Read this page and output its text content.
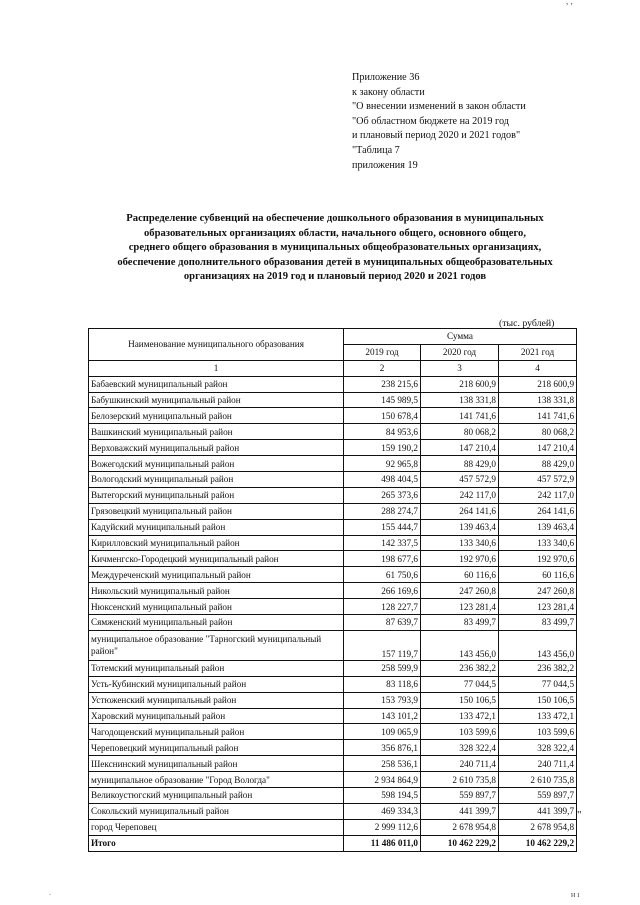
, ,
Приложение 36
к закону области
"О внесении изменений в закон области
"Об областном бюджете на 2019 год
и плановый период 2020 и 2021 годов"
"Таблица 7
приложения 19
Распределение субвенций на обеспечение дошкольного образования в муниципальных
образовательных организациях области, начального общего, основного общего,
среднего общего образования в муниципальных общеобразовательных организациях,
обеспечение дополнительного образования детей в муниципальных общеобразовательных
организациях на 2019 год и плановый период 2020 и 2021 годов
(тыс. рублей)
Наименование муниципального образования	Сумма		
	2019 год	2020 год	2021 год
1	2	3	4
Бабаевский муниципальный район	238 215,6	218 600,9	218 600,9
Бабушкинский муниципальный район	145 989,5	138 331,8	138 331,8
Белозерский муниципальный район	150 678,4	141 741,6	141 741,6
Вашкинский муниципальный район	84 953,6	80 068,2	80 068,2
Верховажский муниципальный район	159 190,2	147 210,4	147 210,4
Вожегодский муниципальный район	92 965,8	88 429,0	88 429,0
Вологодский муниципальный район	498 404,5	457 572,9	457 572,9
Вытегорский муниципальный район	265 373,6	242 117,0	242 117,0
Грязовецкий муниципальный район	288 274,7	264 141,6	264 141,6
Кадуйский муниципальный район	155 444,7	139 463,4	139 463,4
Кирилловский муниципальный район	142 337,5	133 340,6	133 340,6
Кичменгско-Городецкий муниципальный район	198 677,6	192 970,6	192 970,6
Междуреченский муниципальный район	61 750,6	60 116,6	60 116,6
Никольский муниципальный район	266 169,6	247 260,8	247 260,8
Нюксенский муниципальный район	128 227,7	123 281,4	123 281,4
Сямженский муниципальный район	87 639,7	83 499,7	83 499,7
муниципальное образование "Тарногский муниципальный район"	157 119,7	143 456,0	143 456,0
Тотемский муниципальный район	258 599,9	236 382,2	236 382,2
Усть-Кубинский муниципальный район	83 118,6	77 044,5	77 044,5
Устюженский муниципальный район	153 793,9	150 106,5	150 106,5
Харовский муниципальный район	143 101,2	133 472,1	133 472,1
Чагодощенский муниципальный район	109 065,9	103 599,6	103 599,6
Череповецкий муниципальный район	356 876,1	328 322,4	328 322,4
Шекснинский муниципальный район	258 536,1	240 711,4	240 711,4
муниципальное образование "Город Вологда"	2 934 864,9	2 610 735,8	2 610 735,8
Великоустюгский муниципальный район	598 194,5	559 897,7	559 897,7
Сокольский муниципальный район	469 334,3	441 399,7	441 399,7
город Череповец	2 999 112,6	2 678 954,8	2 678 954,8
Итого	11 486 011,0	10 462 229,2	10 462 229,2
"
.	н ı
